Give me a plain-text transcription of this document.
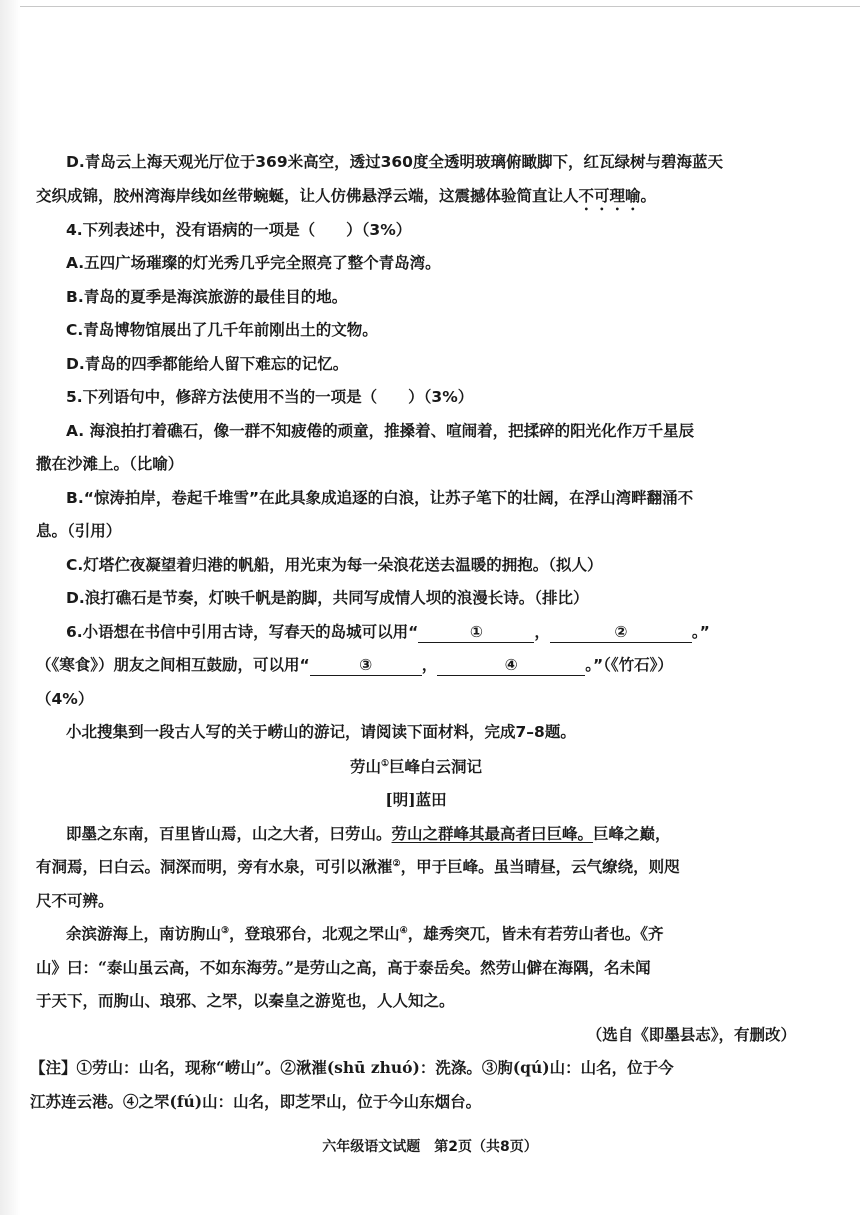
D.青岛云上海天观光厅位于369米高空，透过360度全透明玻璃俯瞰脚下，红瓦绿树与碧海蓝天
交织成锦，胶州湾海岸线如丝带蜿蜒，让人仿佛悬浮云端，这震撼体验简直让人不可理喻。
4.下列表述中，没有语病的一项是（　　）（3%）
A.五四广场璀璨的灯光秀几乎完全照亮了整个青岛湾。
B.青岛的夏季是海滨旅游的最佳目的地。
C.青岛博物馆展出了几千年前刚出土的文物。
D.青岛的四季都能给人留下难忘的记忆。
5.下列语句中，修辞方法使用不当的一项是（　　）（3%）
A. 海浪拍打着礁石，像一群不知疲倦的顽童，推搡着、喧闹着，把揉碎的阳光化作万千星辰
撒在沙滩上。（比喻）
B.“惊涛拍岸，卷起千堆雪”在此具象成追逐的白浪，让苏子笔下的壮阔，在浮山湾畔翻涌不
息。（引用）
C.灯塔伫夜凝望着归港的帆船，用光束为每一朵浪花送去温暖的拥抱。（拟人）
D.浪打礁石是节奏，灯映千帆是韵脚，共同写成情人坝的浪漫长诗。（排比）
6.小语想在书信中引用古诗，写春天的岛城可以用“	①	，	②	。”
（《寒食》）朋友之间相互鼓励，可以用“	③	，	④	。”（《竹石》）
（4%）
小北搜集到一段古人写的关于崂山的游记，请阅读下面材料，完成7–8题。
劳山①巨峰白云洞记
[明]蓝田
即墨之东南，百里皆山焉，山之大者，曰劳山。劳山之群峰其最高者曰巨峰。巨峰之巅，
有洞焉，曰白云。洞深而明，旁有水泉，可引以湫漼②，甲于巨峰。虽当晴昼，云气缭绕，则咫
尺不可辨。
余滨游海上，南访朐山③，登琅邪台，北观之罘山④，雄秀突兀，皆未有若劳山者也。《齐
山》曰：“泰山虽云高，不如东海劳。”是劳山之高，高于泰岳矣。然劳山僻在海隅，名未闻
于天下，而朐山、琅邪、之罘，以秦皇之游览也，人人知之。
（选自《即墨县志》，有删改）
【注】①劳山：山名，现称“崂山”。②湫漼(shū zhuó)：洗涤。③朐(qú)山：山名，位于今
江苏连云港。④之罘(fú)山：山名，即芝罘山，位于今山东烟台。
六年级语文试题　第2页（共8页）
